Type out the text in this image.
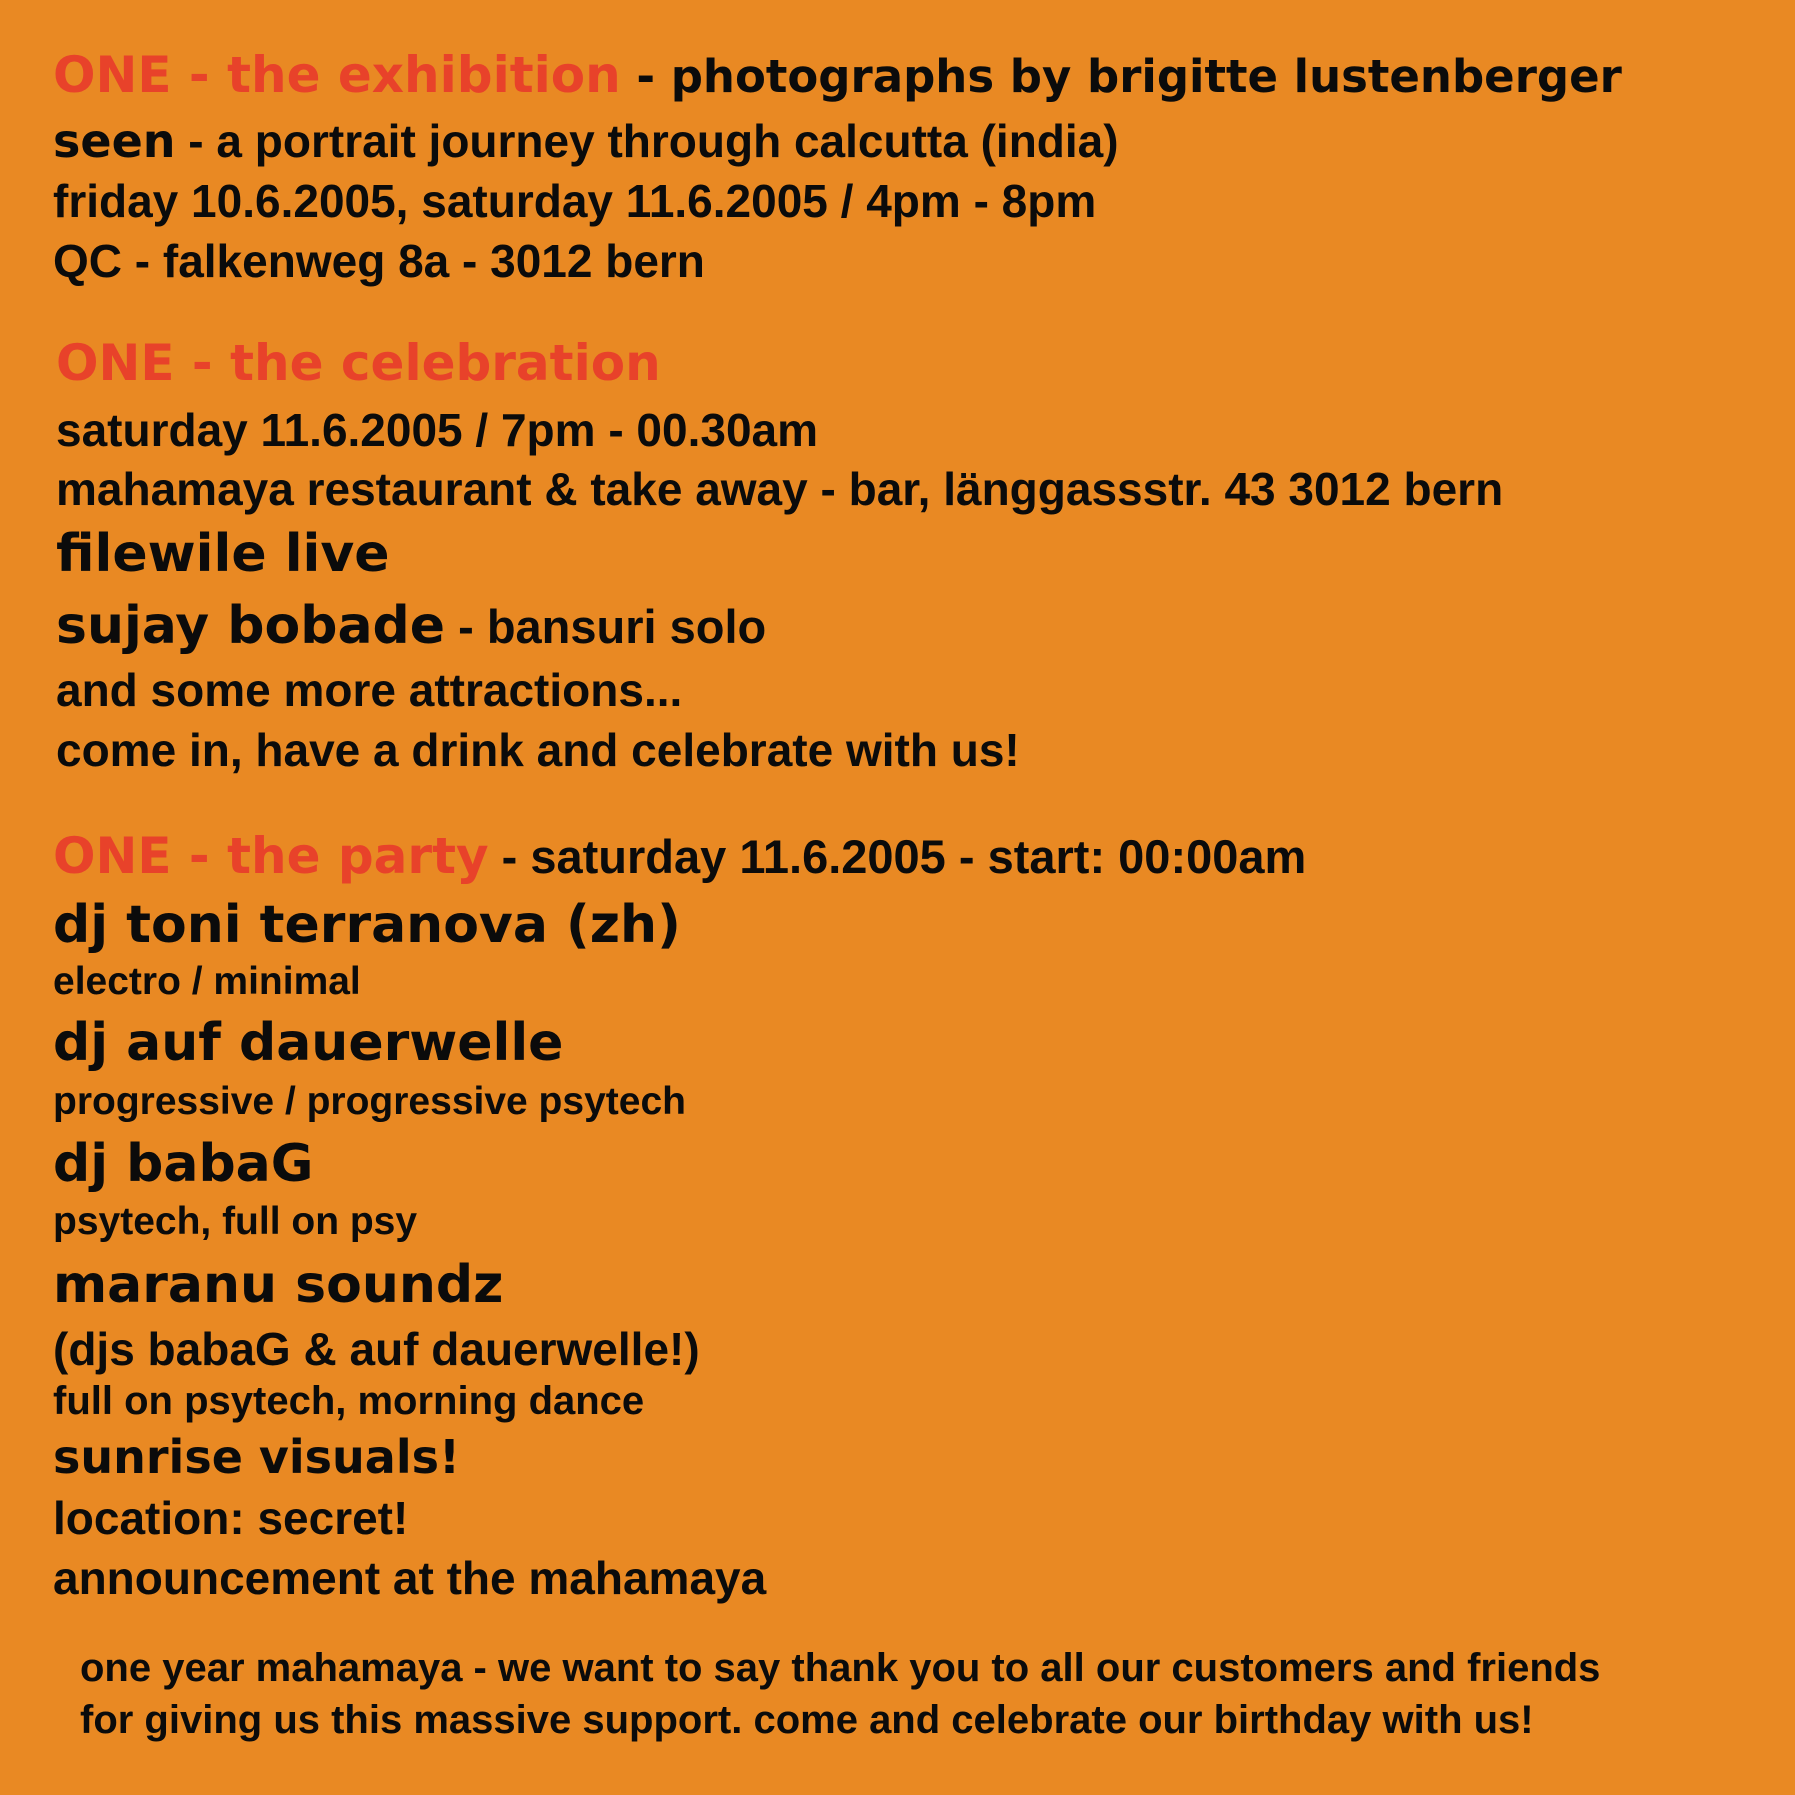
ONE - the exhibition - photographs by brigitte lustenberger
seen - a portrait journey through calcutta (india)
friday 10.6.2005, saturday 11.6.2005 / 4pm - 8pm
QC - falkenweg 8a - 3012 bern
ONE - the celebration
saturday 11.6.2005 / 7pm - 00.30am
mahamaya restaurant & take away - bar, länggassstr. 43 3012 bern
filewile live
sujay bobade - bansuri solo
and some more attractions...
come in, have a drink and celebrate with us!
ONE - the party - saturday 11.6.2005 - start: 00:00am
dj toni terranova (zh)
electro / minimal
dj auf dauerwelle
progressive / progressive psytech
dj babaG
psytech, full on psy
maranu soundz
(djs babaG & auf dauerwelle!)
full on psytech, morning dance
sunrise visuals!
location: secret!
announcement at the mahamaya
one year mahamaya - we want to say thank you to all our customers and friends
for giving us this massive support. come and celebrate our birthday with us!
